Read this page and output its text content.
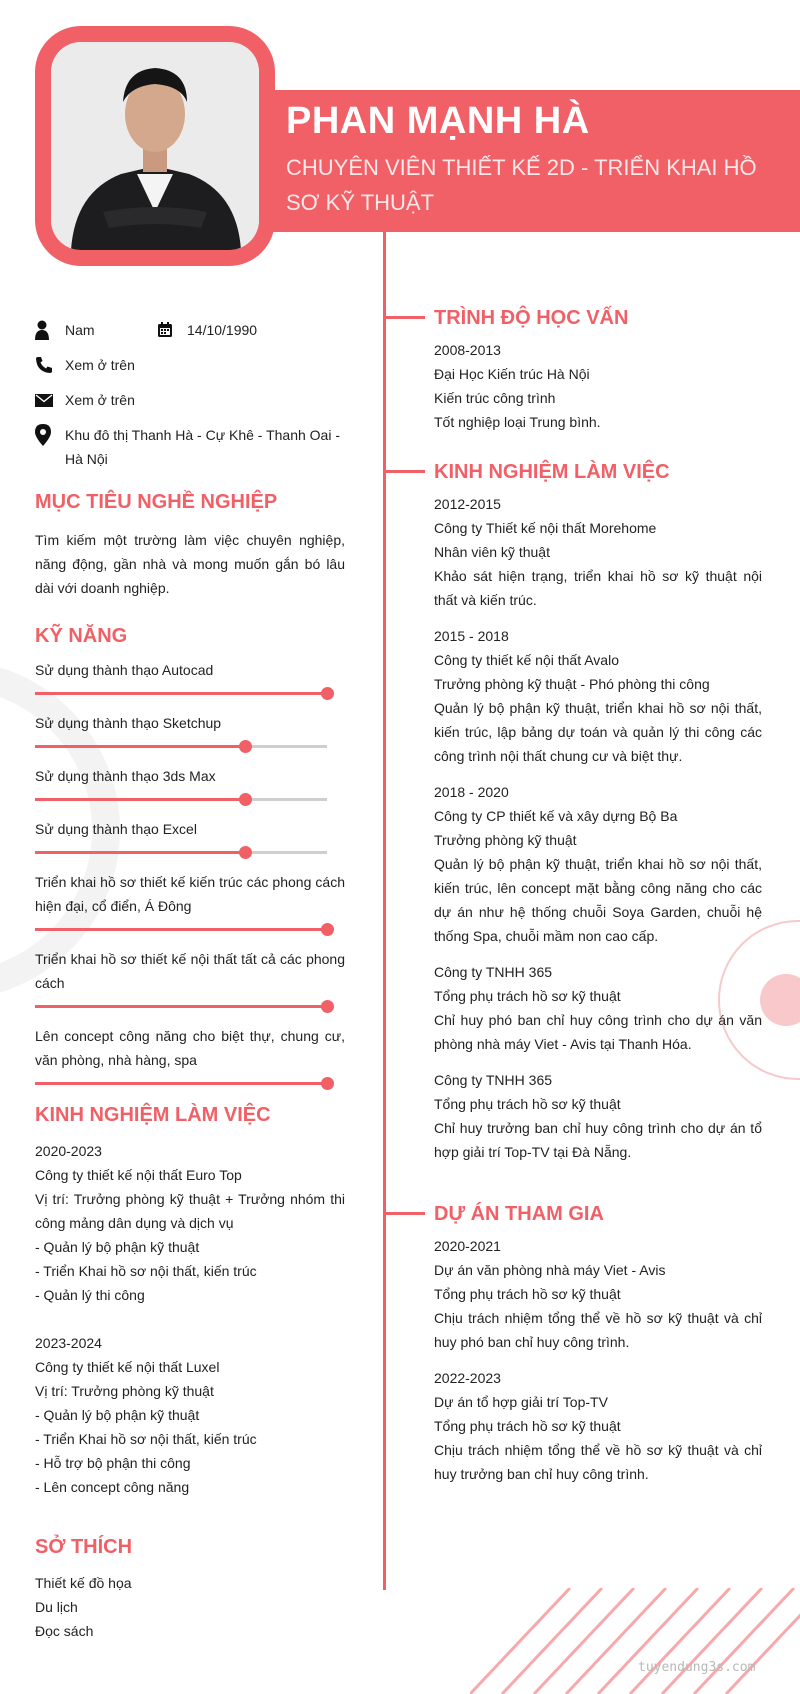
PHAN MẠNH HÀ
CHUYÊN VIÊN THIẾT KẾ 2D - TRIỂN KHAI HỒ SƠ KỸ THUẬT
Nam	14/10/1990
Xem ở trên
Xem ở trên
Khu đô thị Thanh Hà - Cự Khê - Thanh Oai - Hà Nội
MỤC TIÊU NGHỀ NGHIỆP
Tìm kiếm một trường làm việc chuyên nghiệp, năng động, gần nhà và mong muốn gắn bó lâu dài với doanh nghiệp.
KỸ NĂNG
Sử dụng thành thạo Autocad
Sử dụng thành thạo Sketchup
Sử dụng thành thạo 3ds Max
Sử dụng thành thạo Excel
Triển khai hồ sơ thiết kế kiến trúc các phong cách hiện đại, cổ điển, Á Đông
Triển khai hồ sơ thiết kế nội thất tất cả các phong cách
Lên concept công năng cho biệt thự, chung cư, văn phòng, nhà hàng, spa
KINH NGHIỆM LÀM VIỆC
2020-2023
Công ty thiết kế nội thất Euro Top
Vị trí: Trưởng phòng kỹ thuật + Trưởng nhóm thi công mảng dân dụng và dịch vụ
- Quản lý bộ phận kỹ thuật
- Triển Khai hồ sơ nội thất, kiến trúc
- Quản lý thi công
2023-2024
Công ty thiết kế nội thất Luxel
Vị trí: Trưởng phòng kỹ thuật
- Quản lý bộ phận kỹ thuật
- Triển Khai hồ sơ nội thất, kiến trúc
- Hỗ trợ bộ phận thi công
- Lên concept công năng
SỞ THÍCH
Thiết kế đồ họa
Du lịch
Đọc sách
TRÌNH ĐỘ HỌC VẤN
2008-2013
Đại Học Kiến trúc Hà Nội
Kiến trúc công trình
Tốt nghiệp loại Trung bình.
KINH NGHIỆM LÀM VIỆC
2012-2015
Công ty Thiết kế nội thất Morehome
Nhân viên kỹ thuật
Khảo sát hiện trạng, triển khai hồ sơ kỹ thuật nội thất và kiến trúc.
2015 - 2018
Công ty thiết kế nội thất Avalo
Trưởng phòng kỹ thuật - Phó phòng thi công
Quản lý bộ phận kỹ thuật, triển khai hồ sơ nội thất, kiến trúc, lập bảng dự toán và quản lý thi công các công trình nội thất chung cư và biệt thự.
2018 - 2020
Công ty CP thiết kế và xây dựng Bộ Ba
Trưởng phòng kỹ thuật
Quản lý bộ phận kỹ thuật, triển khai hồ sơ nội thất, kiến trúc, lên concept mặt bằng công năng cho các dự án như hệ thống chuỗi Soya Garden, chuỗi hệ thống Spa, chuỗi mầm non cao cấp.
Công ty TNHH 365
Tổng phụ trách hồ sơ kỹ thuật
Chỉ huy phó ban chỉ huy công trình cho dự án văn phòng nhà máy Viet - Avis tại Thanh Hóa.
Công ty TNHH 365
Tổng phụ trách hồ sơ kỹ thuật
Chỉ huy trưởng ban chỉ huy công trình cho dự án tổ hợp giải trí Top-TV tại Đà Nẵng.
DỰ ÁN THAM GIA
2020-2021
Dự án văn phòng nhà máy Viet - Avis
Tổng phụ trách hồ sơ kỹ thuật
Chịu trách nhiệm tổng thể về hồ sơ kỹ thuật và chỉ huy phó ban chỉ huy công trình.
2022-2023
Dự án tổ hợp giải trí Top-TV
Tổng phụ trách hồ sơ kỹ thuật
Chịu trách nhiệm tổng thể về hồ sơ kỹ thuật và chỉ huy trưởng ban chỉ huy công trình.
tuyendung3s.com
